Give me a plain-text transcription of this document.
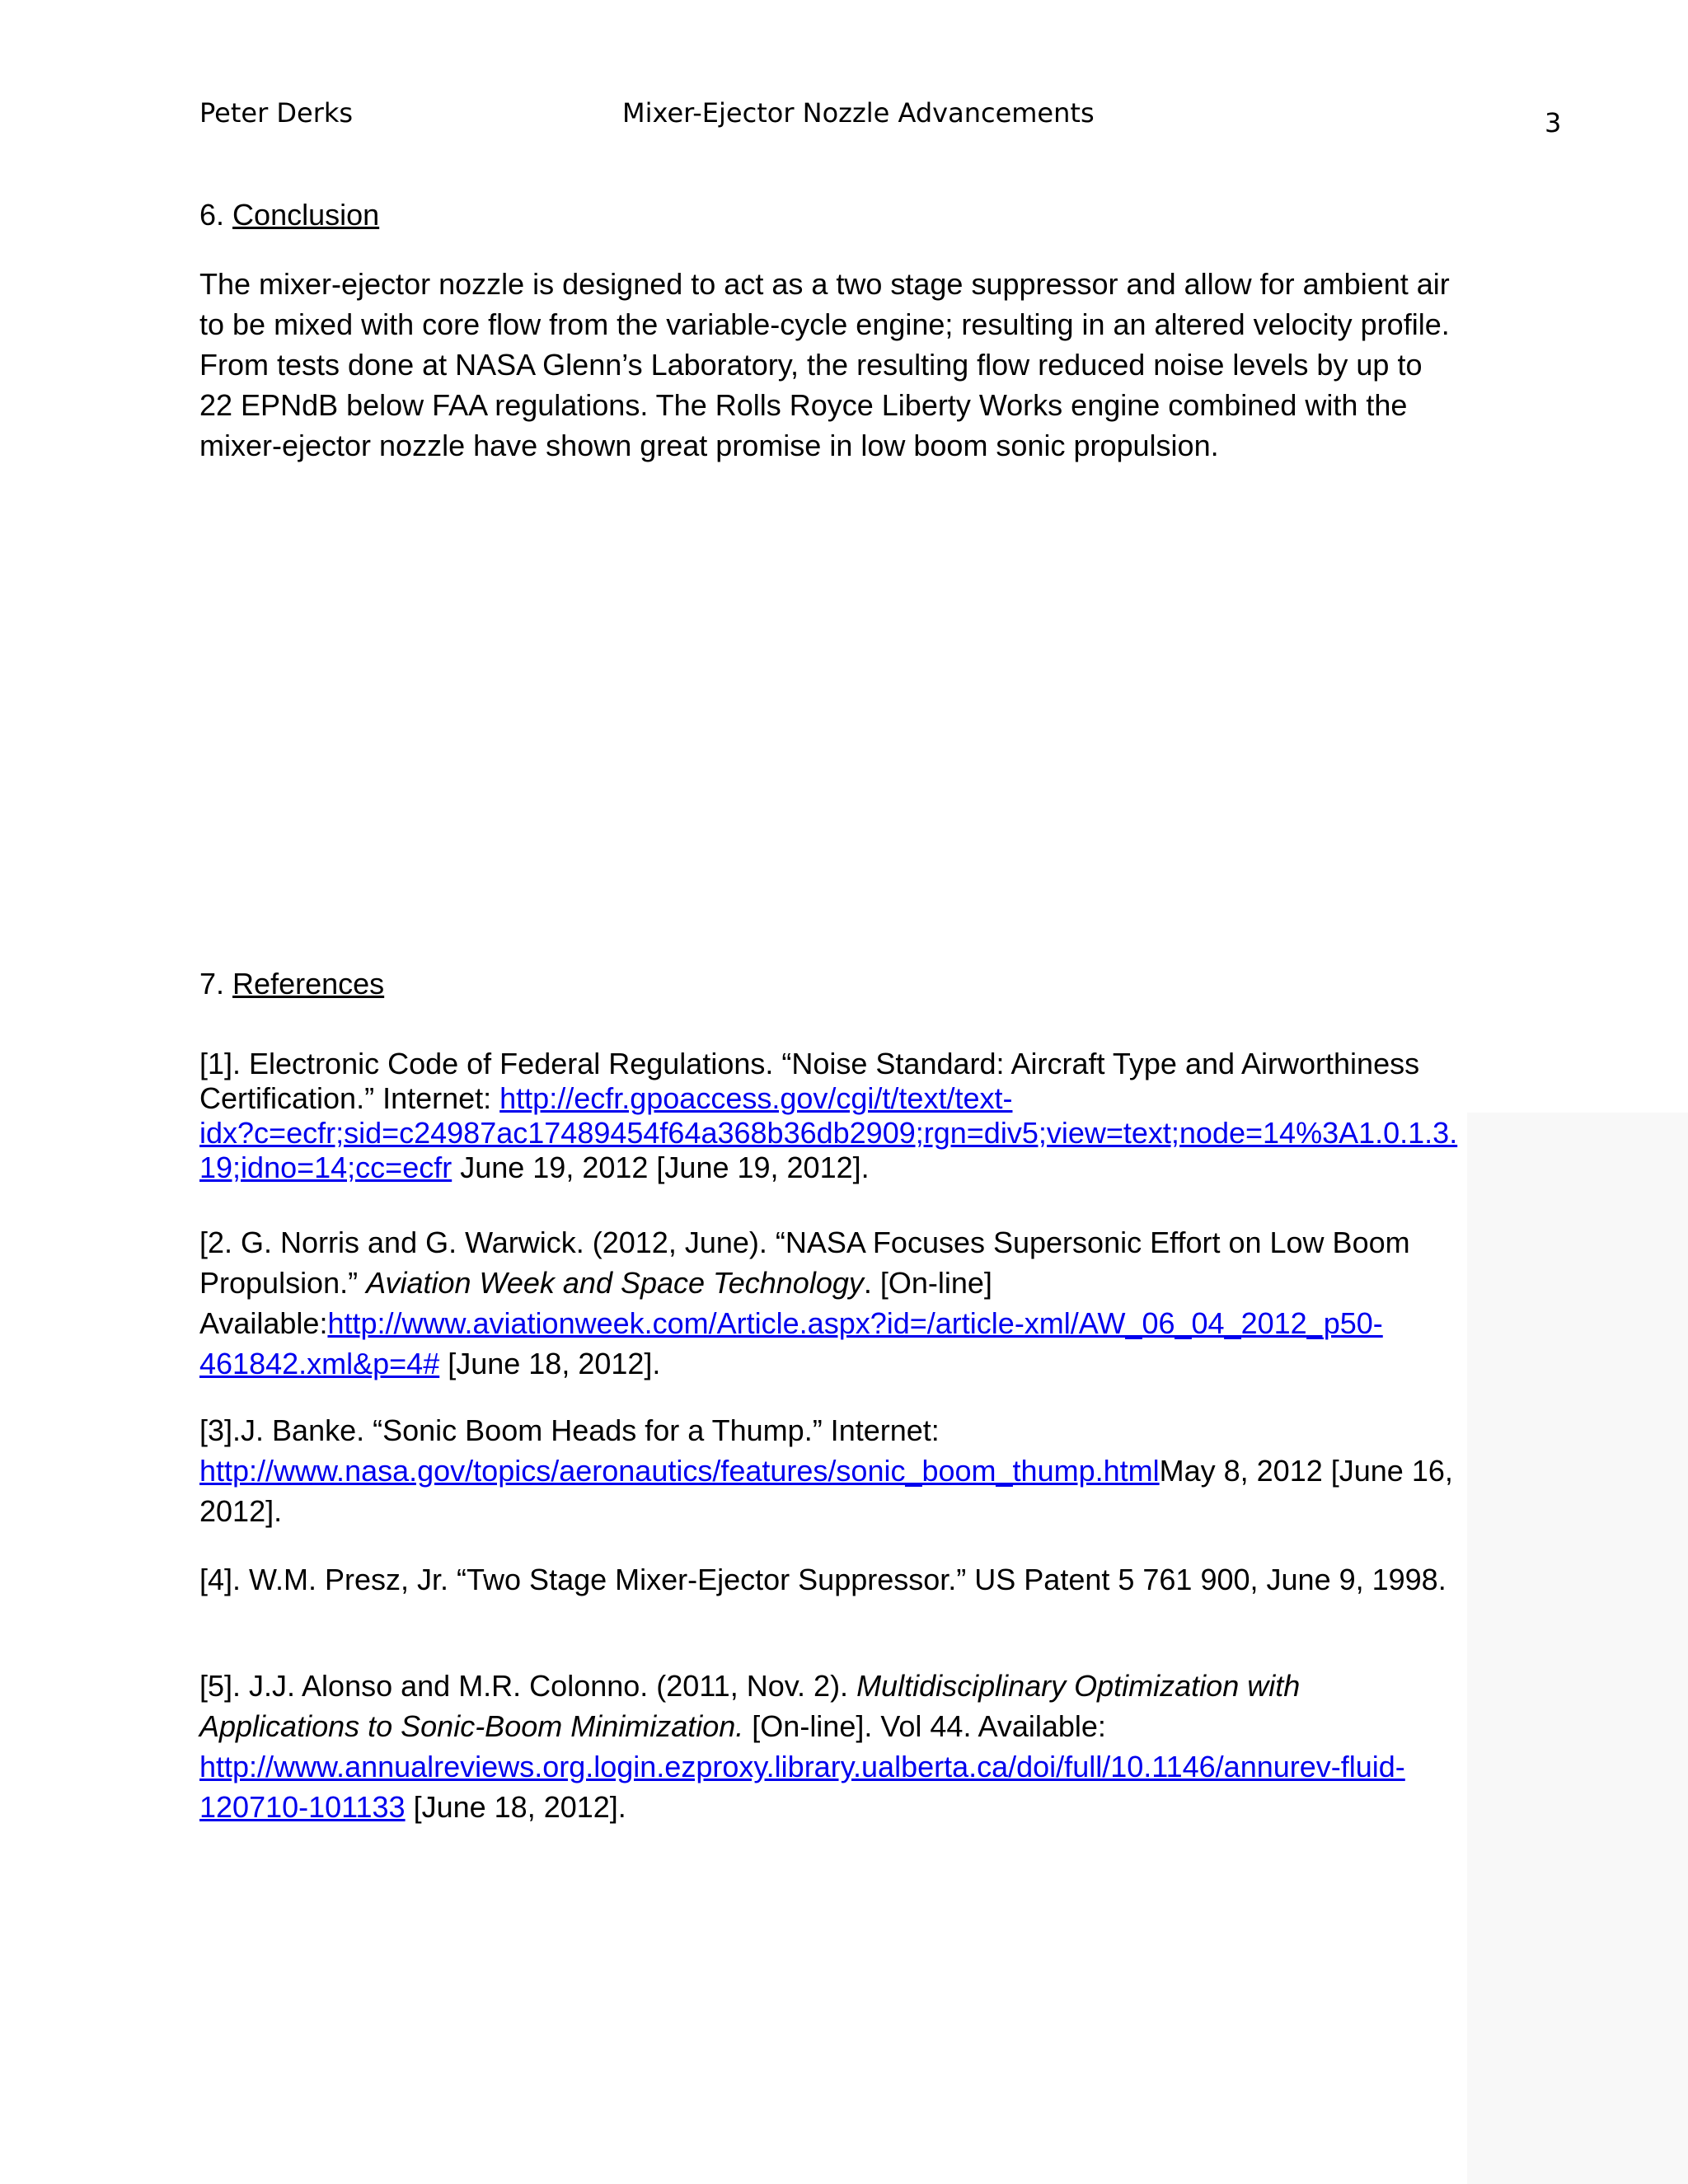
Peter Derks	Mixer-Ejector Nozzle Advancements	3
6. Conclusion
The mixer-ejector nozzle is designed to act as a two stage suppressor and allow for ambient air
to be mixed with core flow from the variable-cycle engine; resulting in an altered velocity profile.
From tests done at NASA Glenn’s Laboratory, the resulting flow reduced noise levels by up to
22 EPNdB below FAA regulations. The Rolls Royce Liberty Works engine combined with the
mixer-ejector nozzle have shown great promise in low boom sonic propulsion.
7. References
[1]. Electronic Code of Federal Regulations. “Noise Standard: Aircraft Type and Airworthiness
Certification.” Internet: http://ecfr.gpoaccess.gov/cgi/t/text/text-
idx?c=ecfr;sid=c24987ac17489454f64a368b36db2909;rgn=div5;view=text;node=14%3A1.0.1.3.
19;idno=14;cc=ecfr June 19, 2012 [June 19, 2012].
[2. G. Norris and G. Warwick. (2012, June). “NASA Focuses Supersonic Effort on Low Boom
Propulsion.” Aviation Week and Space Technology. [On-line]
Available:http://www.aviationweek.com/Article.aspx?id=/article-xml/AW_06_04_2012_p50-
461842.xml&p=4# [June 18, 2012].
[3].J. Banke. “Sonic Boom Heads for a Thump.” Internet:
http://www.nasa.gov/topics/aeronautics/features/sonic_boom_thump.htmlMay 8, 2012 [June 16,
2012].
[4]. W.M. Presz, Jr. “Two Stage Mixer-Ejector Suppressor.” US Patent 5 761 900, June 9, 1998.
[5]. J.J. Alonso and M.R. Colonno. (2011, Nov. 2). Multidisciplinary Optimization with
Applications to Sonic-Boom Minimization. [On-line]. Vol 44. Available:
http://www.annualreviews.org.login.ezproxy.library.ualberta.ca/doi/full/10.1146/annurev-fluid-
120710-101133 [June 18, 2012].
